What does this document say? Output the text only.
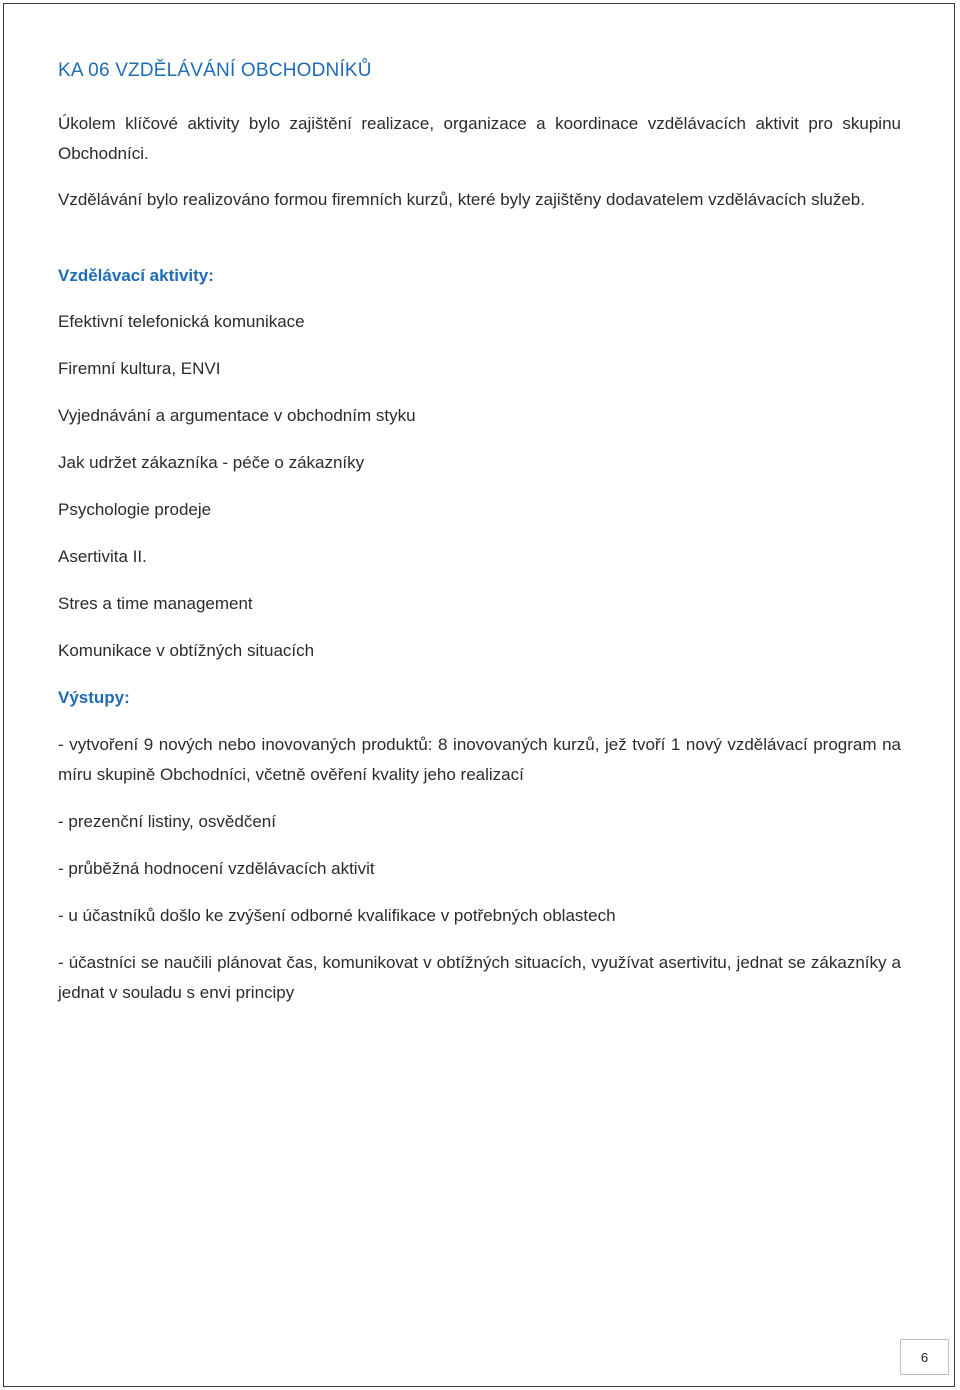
KA 06 VZDĚLÁVÁNÍ OBCHODNÍKŮ

Úkolem klíčové aktivity bylo zajištění realizace, organizace a koordinace vzdělávacích aktivit pro skupinu Obchodníci.

Vzdělávání bylo realizováno formou firemních kurzů, které byly zajištěny dodavatelem vzdělávacích služeb.

Vzdělávací aktivity:
Efektivní telefonická komunikace
Firemní kultura, ENVI
Vyjednávání a argumentace v obchodním styku
Jak udržet zákazníka - péče o zákazníky
Psychologie prodeje
Asertivita II.
Stres a time management
Komunikace v obtížných situacích
Výstupy:

- vytvoření 9 nových nebo inovovaných produktů: 8 inovovaných kurzů, jež tvoří 1 nový vzdělávací program na míru skupině Obchodníci, včetně ověření kvality jeho realizací

- prezenční listiny, osvědčení

- průběžná hodnocení vzdělávacích aktivit

- u účastníků došlo ke zvýšení odborné kvalifikace v potřebných oblastech

- účastníci se naučili plánovat čas, komunikovat v obtížných situacích, využívat asertivitu, jednat se zákazníky a jednat v souladu s envi principy

6
